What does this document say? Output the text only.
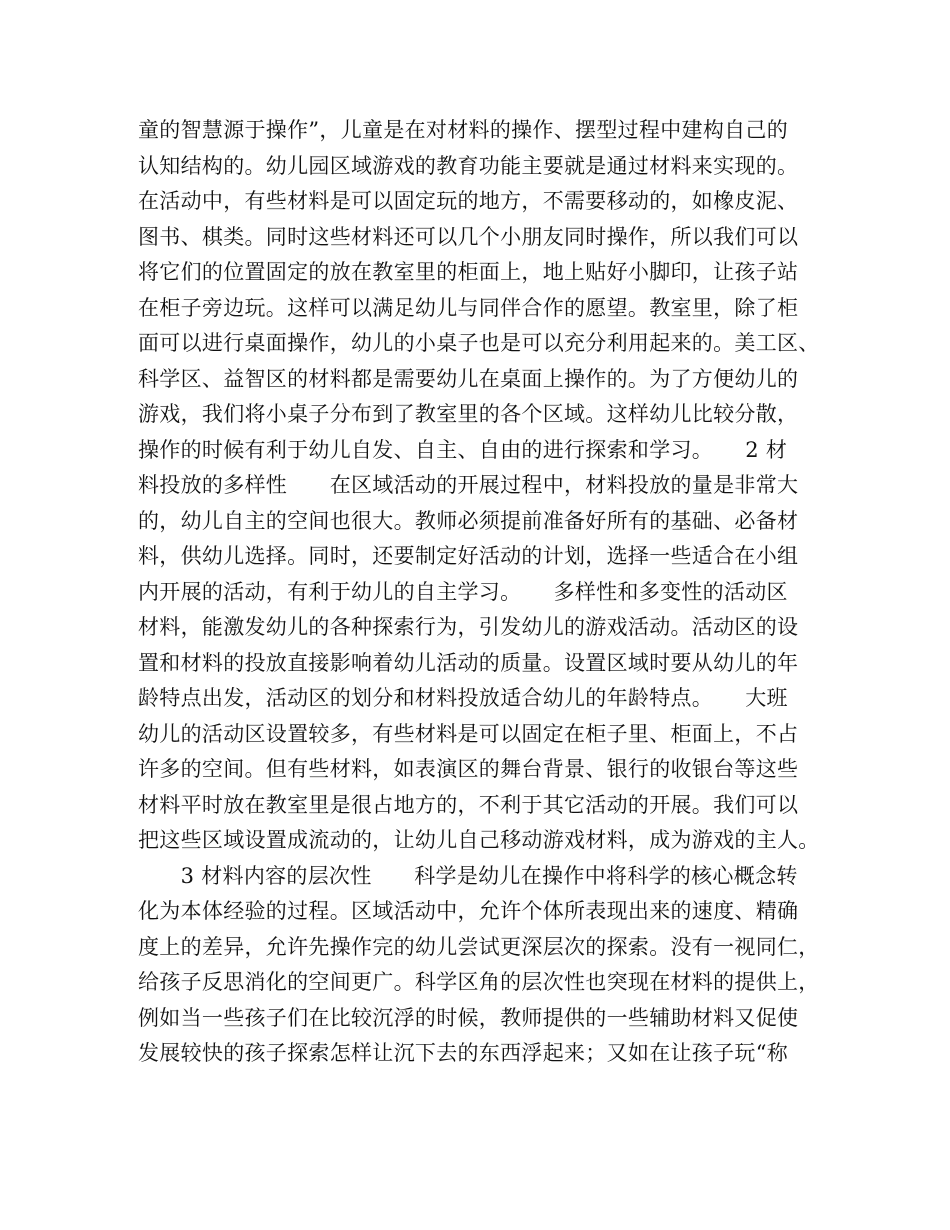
童的智慧源于操作”，儿童是在对材料的操作、摆型过程中建构自己的
认知结构的。幼儿园区域游戏的教育功能主要就是通过材料来实现的。
在活动中，有些材料是可以固定玩的地方，不需要移动的，如橡皮泥、
图书、棋类。同时这些材料还可以几个小朋友同时操作，所以我们可以
将它们的位置固定的放在教室里的柜面上，地上贴好小脚印，让孩子站
在柜子旁边玩。这样可以满足幼儿与同伴合作的愿望。教室里，除了柜
面可以进行桌面操作，幼儿的小桌子也是可以充分利用起来的。美工区、
科学区、益智区的材料都是需要幼儿在桌面上操作的。为了方便幼儿的
游戏，我们将小桌子分布到了教室里的各个区域。这样幼儿比较分散，
操作的时候有利于幼儿自发、自主、自由的进行探索和学习。　　2 材
料投放的多样性　　在区域活动的开展过程中，材料投放的量是非常大
的，幼儿自主的空间也很大。教师必须提前准备好所有的基础、必备材
料，供幼儿选择。同时，还要制定好活动的计划，选择一些适合在小组
内开展的活动，有利于幼儿的自主学习。　　多样性和多变性的活动区
材料，能激发幼儿的各种探索行为，引发幼儿的游戏活动。活动区的设
置和材料的投放直接影响着幼儿活动的质量。设置区域时要从幼儿的年
龄特点出发，活动区的划分和材料投放适合幼儿的年龄特点。　　大班
幼儿的活动区设置较多，有些材料是可以固定在柜子里、柜面上，不占
许多的空间。但有些材料，如表演区的舞台背景、银行的收银台等这些
材料平时放在教室里是很占地方的，不利于其它活动的开展。我们可以
把这些区域设置成流动的，让幼儿自己移动游戏材料，成为游戏的主人。
　　3 材料内容的层次性　　科学是幼儿在操作中将科学的核心概念转
化为本体经验的过程。区域活动中，允许个体所表现出来的速度、精确
度上的差异，允许先操作完的幼儿尝试更深层次的探索。没有一视同仁，
给孩子反思消化的空间更广。科学区角的层次性也突现在材料的提供上，
例如当一些孩子们在比较沉浮的时候，教师提供的一些辅助材料又促使
发展较快的孩子探索怎样让沉下去的东西浮起来；又如在让孩子玩“称
